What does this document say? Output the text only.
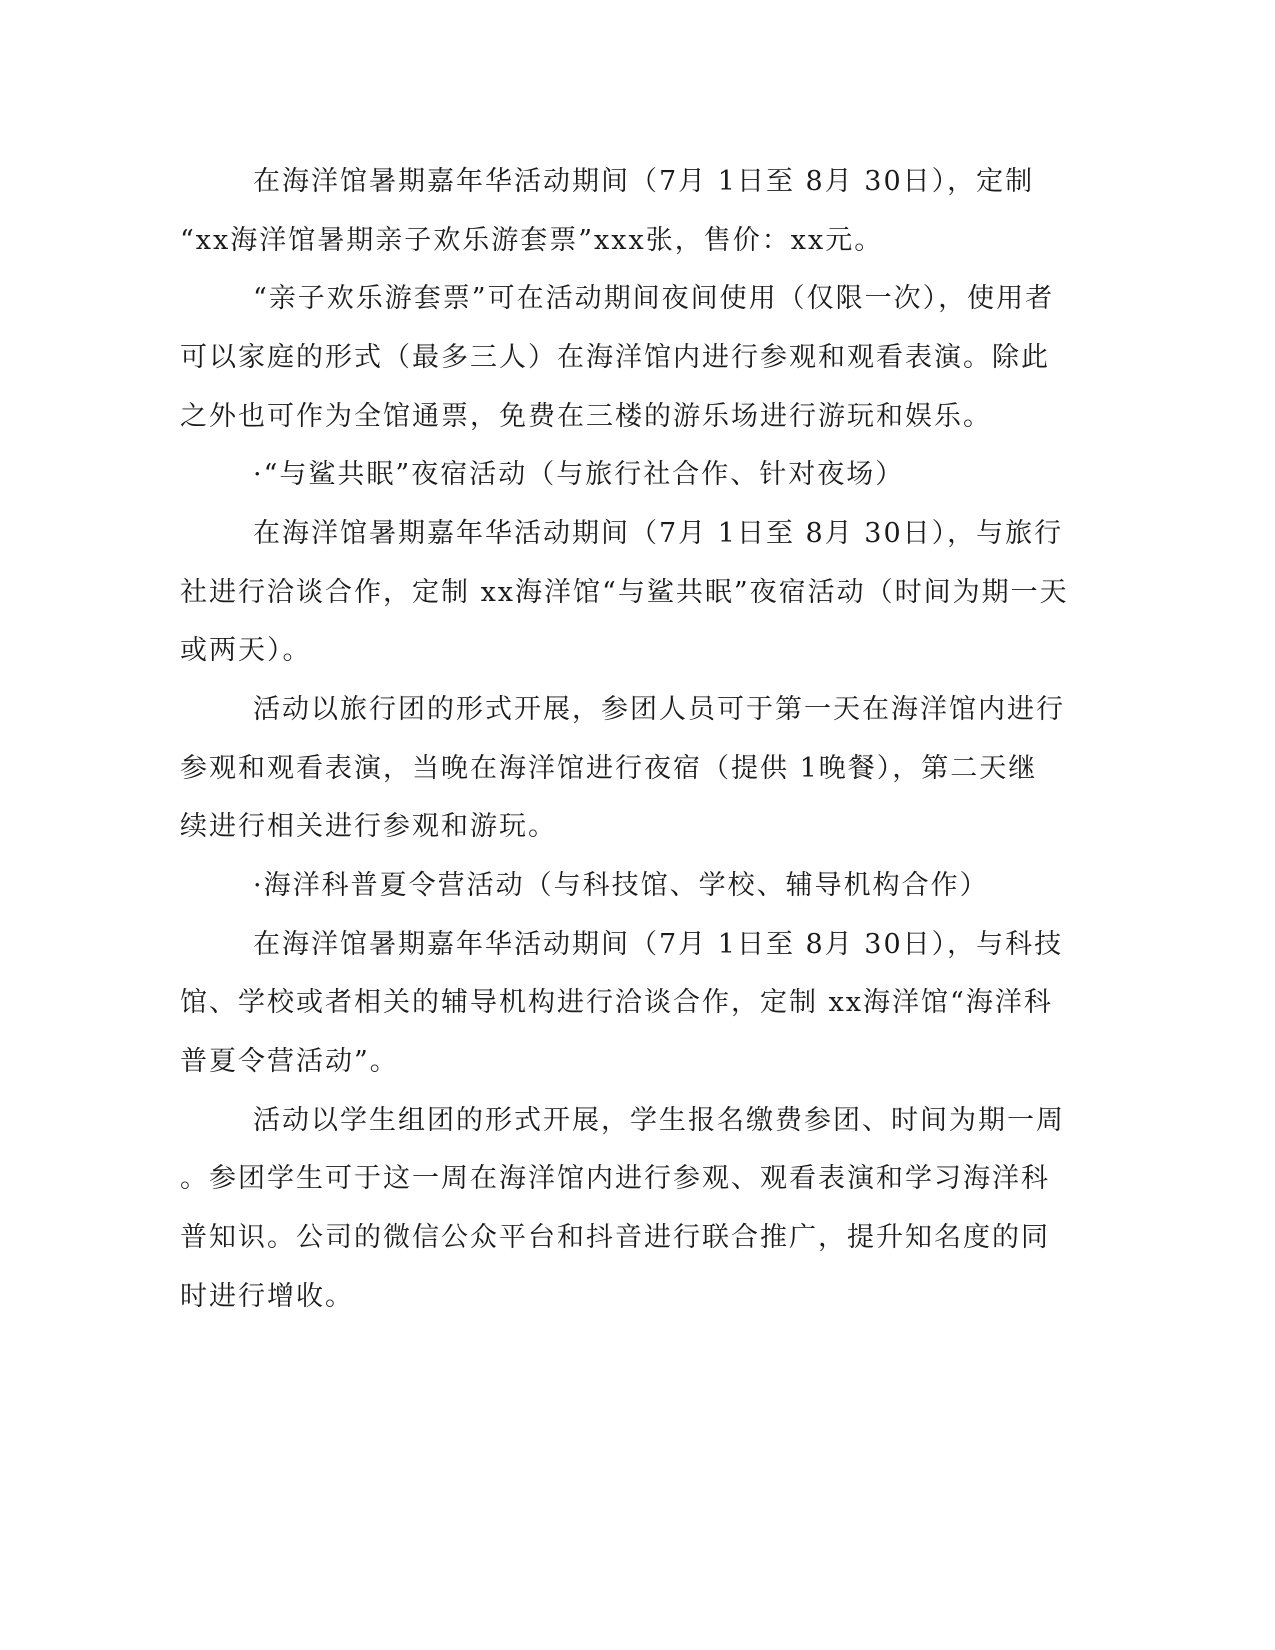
在海洋馆暑期嘉年华活动期间（7月 1日至 8月 30日），定制
“xx海洋馆暑期亲子欢乐游套票”xxx张，售价：xx元。
“亲子欢乐游套票”可在活动期间夜间使用（仅限一次），使用者
可以家庭的形式（最多三人）在海洋馆内进行参观和观看表演。除此
之外也可作为全馆通票，免费在三楼的游乐场进行游玩和娱乐。
·“与鲨共眠”夜宿活动（与旅行社合作、针对夜场）
在海洋馆暑期嘉年华活动期间（7月 1日至 8月 30日），与旅行
社进行洽谈合作，定制 xx海洋馆“与鲨共眠”夜宿活动（时间为期一天
或两天）。
活动以旅行团的形式开展，参团人员可于第一天在海洋馆内进行
参观和观看表演，当晚在海洋馆进行夜宿（提供 1晚餐），第二天继
续进行相关进行参观和游玩。
·海洋科普夏令营活动（与科技馆、学校、辅导机构合作）
在海洋馆暑期嘉年华活动期间（7月 1日至 8月 30日），与科技
馆、学校或者相关的辅导机构进行洽谈合作，定制 xx海洋馆“海洋科
普夏令营活动”。
活动以学生组团的形式开展，学生报名缴费参团、时间为期一周
。参团学生可于这一周在海洋馆内进行参观、观看表演和学习海洋科
普知识。公司的微信公众平台和抖音进行联合推广，提升知名度的同
时进行增收。
